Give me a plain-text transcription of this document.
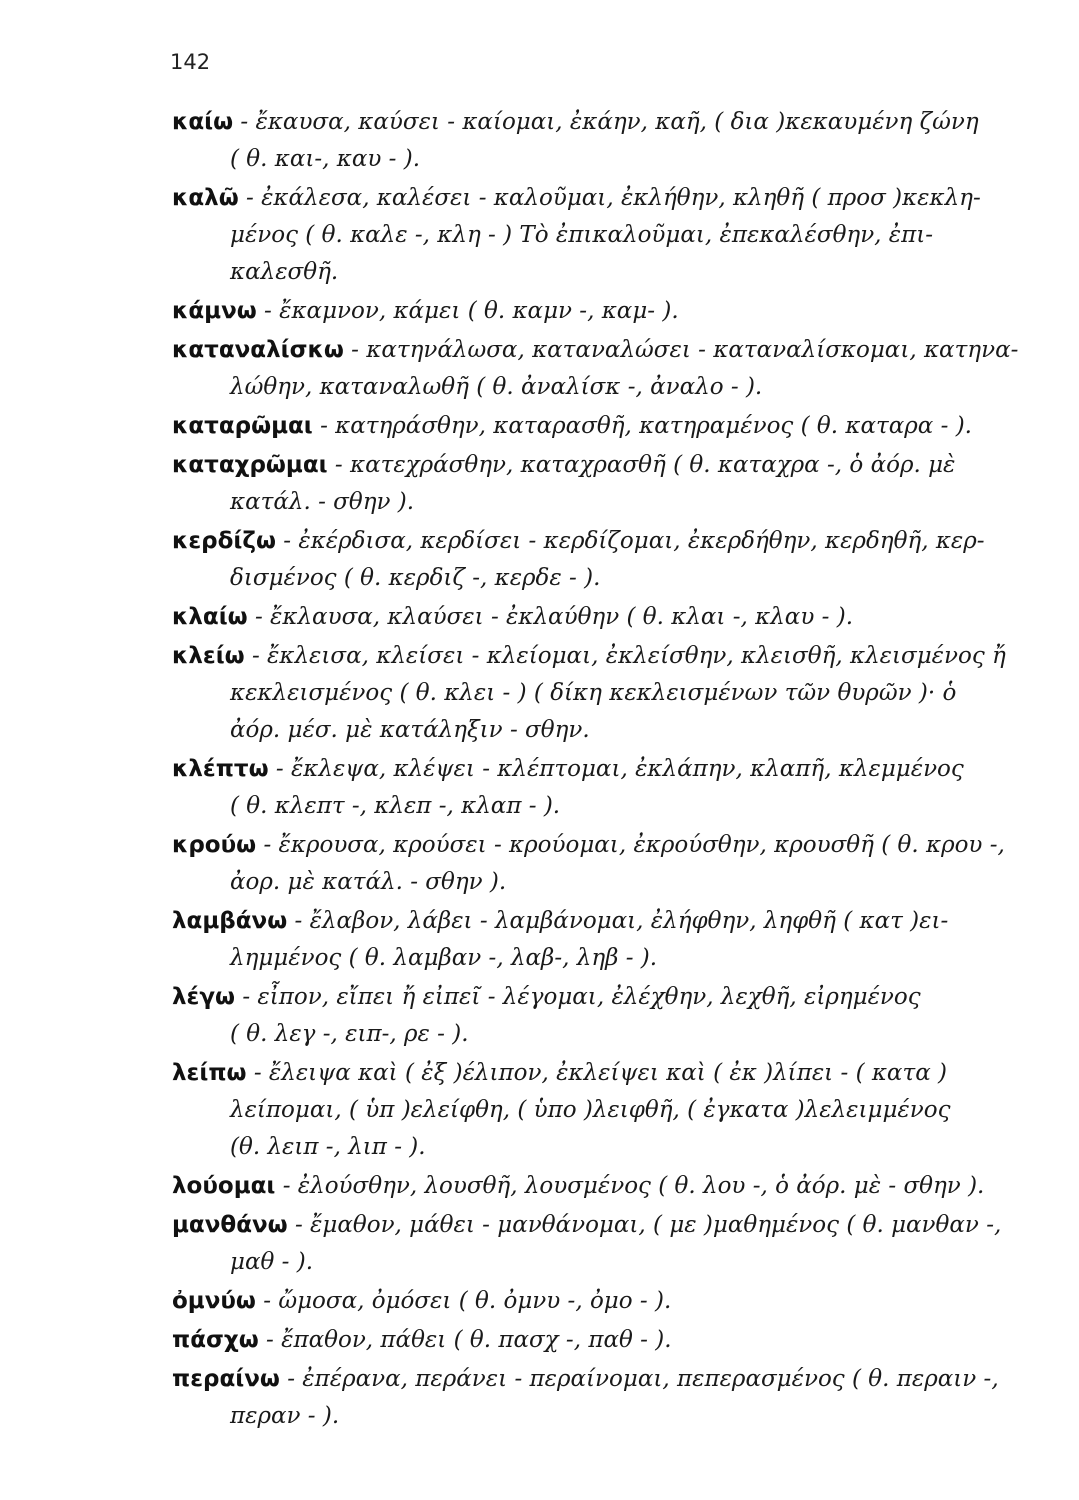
142
καίω - ἔκαυσα, καύσει - καίομαι, ἐκάην, καῆ, ( δια )κεκαυμένη ζώνη
( θ. και-, καυ - ).
καλῶ - ἐκάλεσα, καλέσει - καλοῦμαι, ἐκλήθην, κληθῆ ( προσ )κεκλη-
μένος ( θ. καλε -, κλη - ) Τὸ ἐπικαλοῦμαι, ἐπεκαλέσθην, ἐπι-
καλεσθῆ.
κάμνω - ἔκαμνον, κάμει ( θ. καμν -, καμ- ).
καταναλίσκω - κατηνάλωσα, καταναλώσει - καταναλίσκομαι, κατηνα-
λώθην, καταναλωθῆ ( θ. ἀναλίσκ -, ἀναλο - ).
καταρῶμαι - κατηράσθην, καταρασθῆ, κατηραμένος ( θ. καταρα - ).
καταχρῶμαι - κατεχράσθην, καταχρασθῆ ( θ. καταχρα -, ὁ ἀόρ. μὲ
κατάλ. - σθην ).
κερδίζω - ἐκέρδισα, κερδίσει - κερδίζομαι, ἐκερδήθην, κερδηθῆ, κερ-
δισμένος ( θ. κερδιζ -, κερδε - ).
κλαίω - ἔκλαυσα, κλαύσει - ἐκλαύθην ( θ. κλαι -, κλαυ - ).
κλείω - ἔκλεισα, κλείσει - κλείομαι, ἐκλείσθην, κλεισθῆ, κλεισμένος ἤ
κεκλεισμένος ( θ. κλει - ) ( δίκη κεκλεισμένων τῶν θυρῶν )· ὁ
ἀόρ. μέσ. μὲ κατάληξιν - σθην.
κλέπτω - ἔκλεψα, κλέψει - κλέπτομαι, ἐκλάπην, κλαπῆ, κλεμμένος
( θ. κλεπτ -, κλεπ -, κλαπ - ).
κρούω - ἔκρουσα, κρούσει - κρούομαι, ἐκρούσθην, κρουσθῆ ( θ. κρου -,
ἀορ. μὲ κατάλ. - σθην ).
λαμβάνω - ἔλαβον, λάβει - λαμβάνομαι, ἐλήφθην, ληφθῆ ( κατ )ει-
λημμένος ( θ. λαμβαν -, λαβ-, ληβ - ).
λέγω - εἶπον, εἴπει ἤ εἰπεῖ - λέγομαι, ἐλέχθην, λεχθῆ, εἰρημένος
( θ. λεγ -, ειπ-, ρε - ).
λείπω - ἔλειψα καὶ ( ἐξ )έλιπον, ἐκλείψει καὶ ( ἐκ )λίπει - ( κατα )
λείπομαι, ( ὑπ )ελείφθη, ( ὑπο )λειφθῆ, ( ἐγκατα )λελειμμένος
(θ. λειπ -, λιπ - ).
λούομαι - ἐλούσθην, λουσθῆ, λουσμένος ( θ. λου -, ὁ ἀόρ. μὲ - σθην ).
μανθάνω - ἔμαθον, μάθει - μανθάνομαι, ( με )μαθημένος ( θ. μανθαν -,
μαθ - ).
ὀμνύω - ὤμοσα, ὀμόσει ( θ. ὀμνυ -, ὀμο - ).
πάσχω - ἔπαθον, πάθει ( θ. πασχ -, παθ - ).
περαίνω - ἐπέρανα, περάνει - περαίνομαι, πεπερασμένος ( θ. περαιν -,
περαν - ).
